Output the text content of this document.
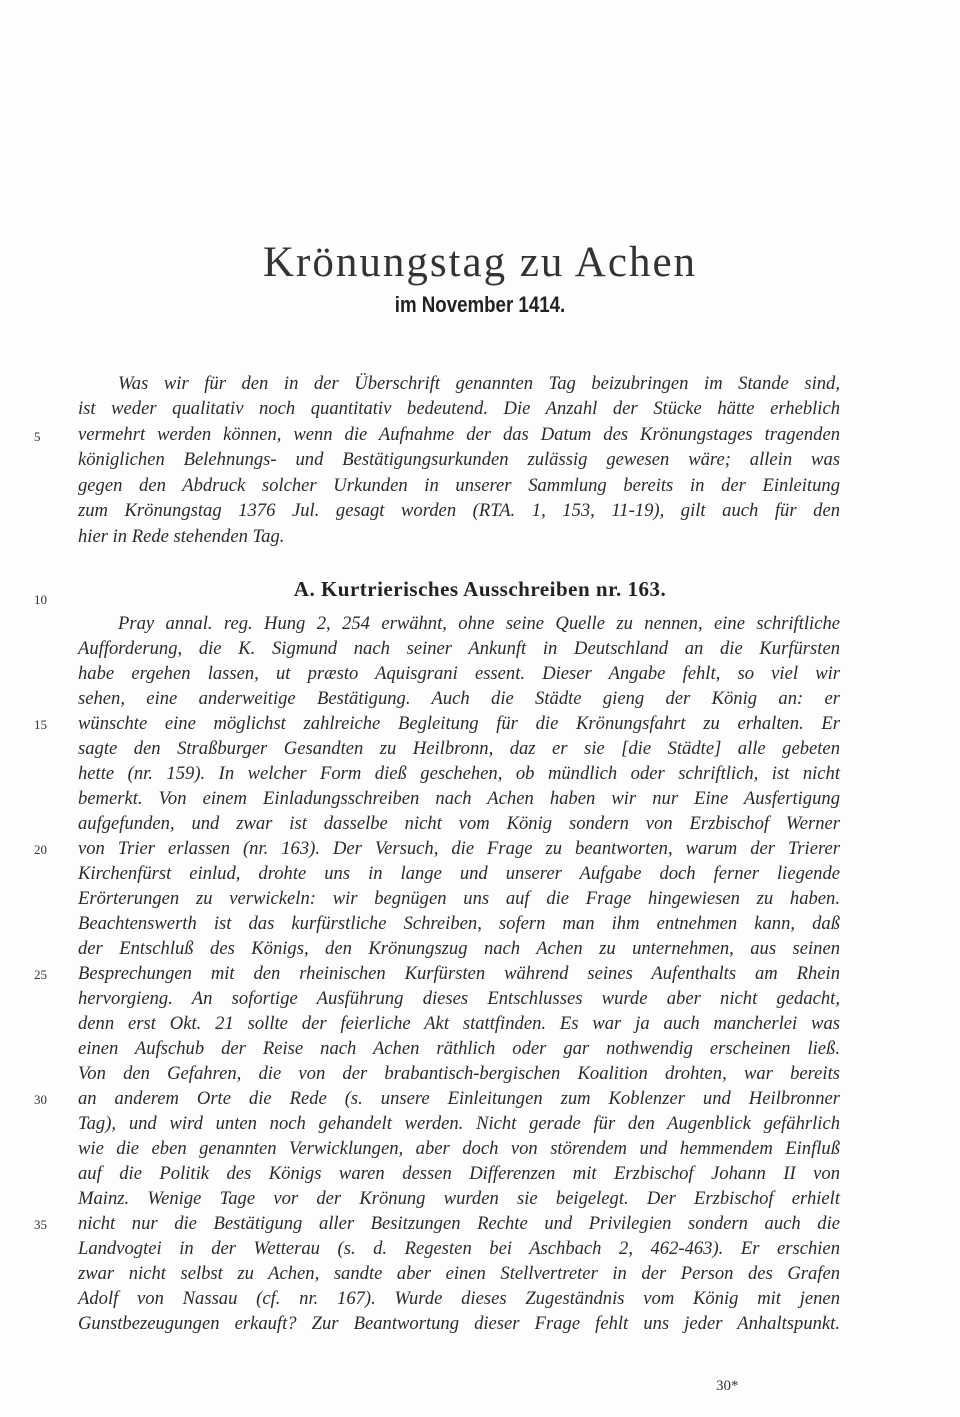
Krönungstag zu Achen
im November 1414.
Was wir für den in der Überschrift genannten Tag beizubringen im Stande sind,
ist weder qualitativ noch quantitativ bedeutend. Die Anzahl der Stücke hätte erheblich
vermehrt werden können, wenn die Aufnahme der das Datum des Krönungstages tragenden
königlichen Belehnungs- und Bestätigungsurkunden zulässig gewesen wäre; allein was
gegen den Abdruck solcher Urkunden in unserer Sammlung bereits in der Einleitung
zum Krönungstag 1376 Jul. gesagt worden (RTA. 1, 153, 11-19), gilt auch für den
hier in Rede stehenden Tag.
A. Kurtrierisches Ausschreiben nr. 163.
Pray annal. reg. Hung 2, 254 erwähnt, ohne seine Quelle zu nennen, eine schriftliche
Aufforderung, die K. Sigmund nach seiner Ankunft in Deutschland an die Kurfürsten
habe ergehen lassen, ut præsto Aquisgrani essent. Dieser Angabe fehlt, so viel wir
sehen, eine anderweitige Bestätigung. Auch die Städte gieng der König an: er
wünschte eine möglichst zahlreiche Begleitung für die Krönungsfahrt zu erhalten. Er
sagte den Straßburger Gesandten zu Heilbronn, daz er sie [die Städte] alle gebeten
hette (nr. 159). In welcher Form dieß geschehen, ob mündlich oder schriftlich, ist nicht
bemerkt. Von einem Einladungsschreiben nach Achen haben wir nur Eine Ausfertigung
aufgefunden, und zwar ist dasselbe nicht vom König sondern von Erzbischof Werner
von Trier erlassen (nr. 163). Der Versuch, die Frage zu beantworten, warum der Trierer
Kirchenfürst einlud, drohte uns in lange und unserer Aufgabe doch ferner liegende
Erörterungen zu verwickeln: wir begnügen uns auf die Frage hingewiesen zu haben.
Beachtenswerth ist das kurfürstliche Schreiben, sofern man ihm entnehmen kann, daß
der Entschluß des Königs, den Krönungszug nach Achen zu unternehmen, aus seinen
Besprechungen mit den rheinischen Kurfürsten während seines Aufenthalts am Rhein
hervorgieng. An sofortige Ausführung dieses Entschlusses wurde aber nicht gedacht,
denn erst Okt. 21 sollte der feierliche Akt stattfinden. Es war ja auch mancherlei was
einen Aufschub der Reise nach Achen räthlich oder gar nothwendig erscheinen ließ.
Von den Gefahren, die von der brabantisch-bergischen Koalition drohten, war bereits
an anderem Orte die Rede (s. unsere Einleitungen zum Koblenzer und Heilbronner
Tag), und wird unten noch gehandelt werden. Nicht gerade für den Augenblick gefährlich
wie die eben genannten Verwicklungen, aber doch von störendem und hemmendem Einfluß
auf die Politik des Königs waren dessen Differenzen mit Erzbischof Johann II von
Mainz. Wenige Tage vor der Krönung wurden sie beigelegt. Der Erzbischof erhielt
nicht nur die Bestätigung aller Besitzungen Rechte und Privilegien sondern auch die
Landvogtei in der Wetterau (s. d. Regesten bei Aschbach 2, 462-463). Er erschien
zwar nicht selbst zu Achen, sandte aber einen Stellvertreter in der Person des Grafen
Adolf von Nassau (cf. nr. 167). Wurde dieses Zugeständnis vom König mit jenen
Gunstbezeugungen erkauft? Zur Beantwortung dieser Frage fehlt uns jeder Anhaltspunkt.
5
10
15
20
25
30
35
30*
